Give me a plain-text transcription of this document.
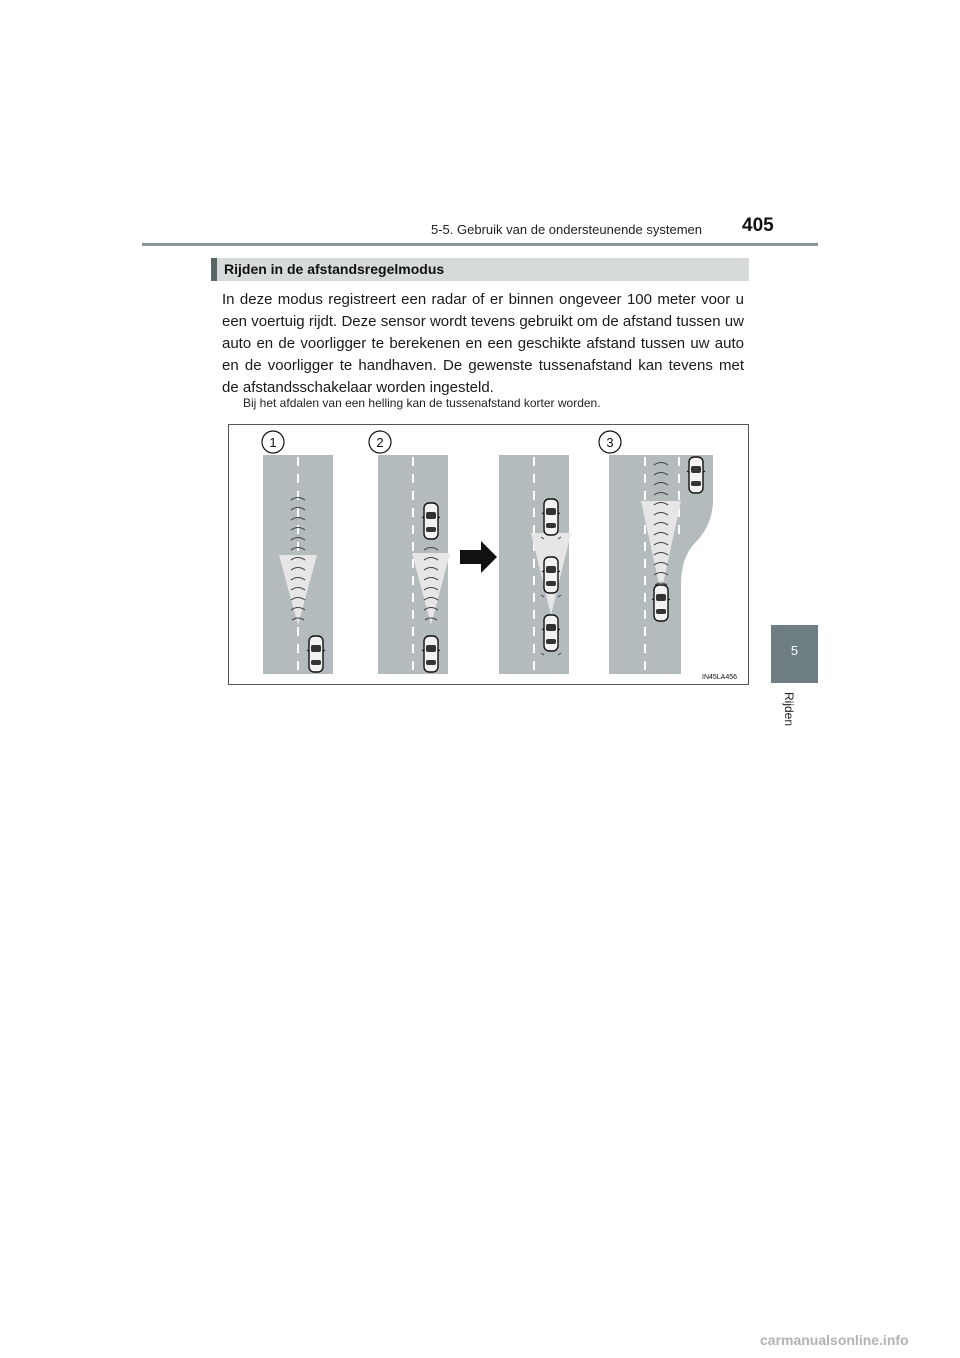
5-5. Gebruik van de ondersteunende systemen 405
5
Rijden
Rijden in de afstandsregelmodus
In deze modus registreert een radar of er binnen ongeveer 100 meter voor u een voertuig rijdt. Deze sensor wordt tevens gebruikt om de afstand tussen uw auto en de voorligger te berekenen en een geschikte afstand tussen uw auto en de voorligger te handhaven. De gewenste tussenafstand kan tevens met de afstandsschakelaar worden ingesteld.
Bij het afdalen van een helling kan de tussenafstand korter worden.
1	2	3
IN45LA456
carmanualsonline.info
